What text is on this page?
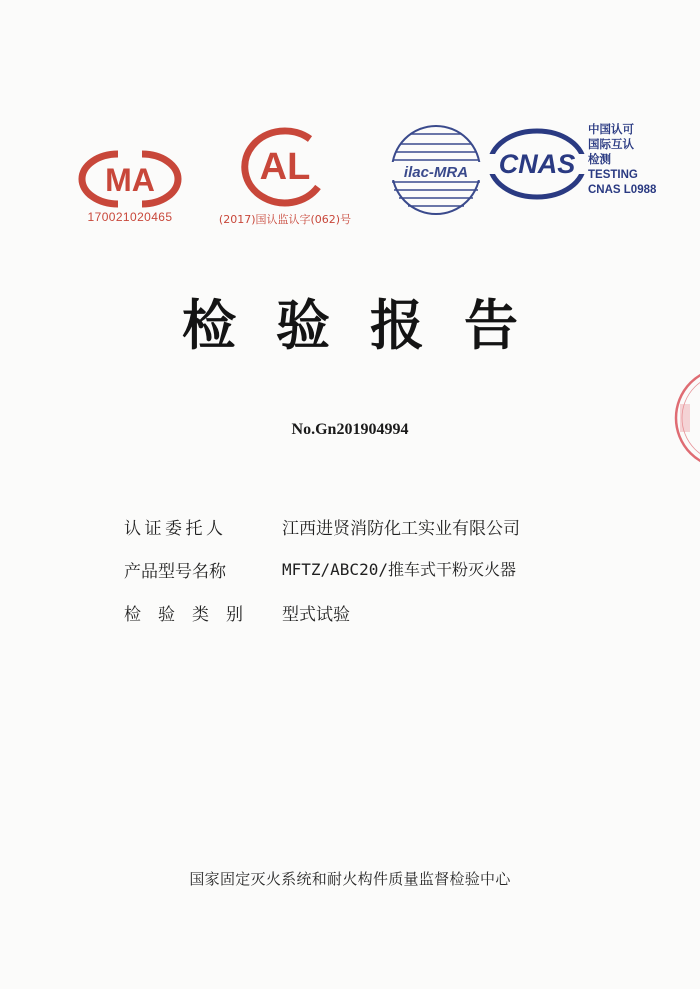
MA
170021020465
AL
(2017)国认监认字(062)号
ilac-MRA CNAS
中国认可
国际互认
检测
TESTING
CNAS L0988
检验报告
No.Gn201904994
认证委托人	江西进贤消防化工实业有限公司
产品型号名称	MFTZ/ABC20/推车式干粉灭火器
检验类别 型式试验
国家固定灭火系统和耐火构件质量监督检验中心
